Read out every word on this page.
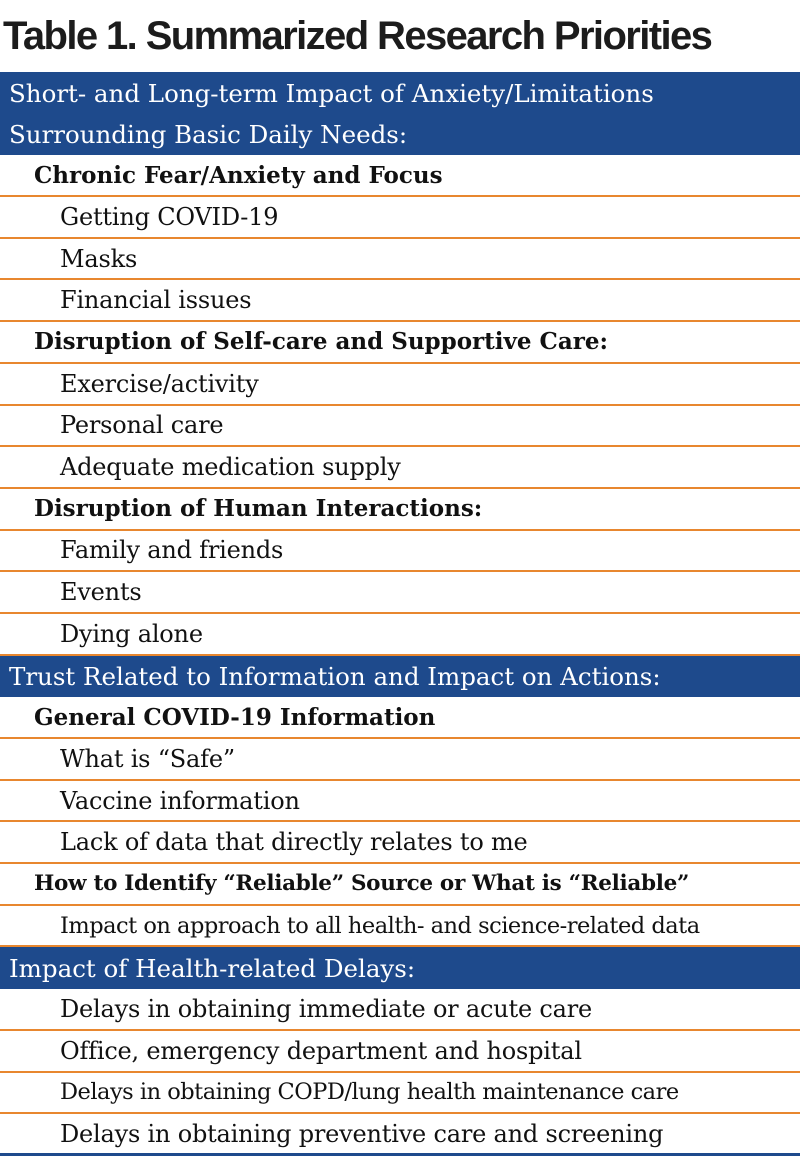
Table 1. Summarized Research Priorities
Short- and Long-term Impact of Anxiety/Limitations
Surrounding Basic Daily Needs:
Chronic Fear/Anxiety and Focus
Getting COVID-19
Masks
Financial issues
Disruption of Self-care and Supportive Care:
Exercise/activity
Personal care
Adequate medication supply
Disruption of Human Interactions:
Family and friends
Events
Dying alone
Trust Related to Information and Impact on Actions:
General COVID-19 Information
What is “Safe”
Vaccine information
Lack of data that directly relates to me
How to Identify “Reliable” Source or What is “Reliable”
Impact on approach to all health- and science-related data
Impact of Health-related Delays:
Delays in obtaining immediate or acute care
Office, emergency department and hospital
Delays in obtaining COPD/lung health maintenance care
Delays in obtaining preventive care and screening
